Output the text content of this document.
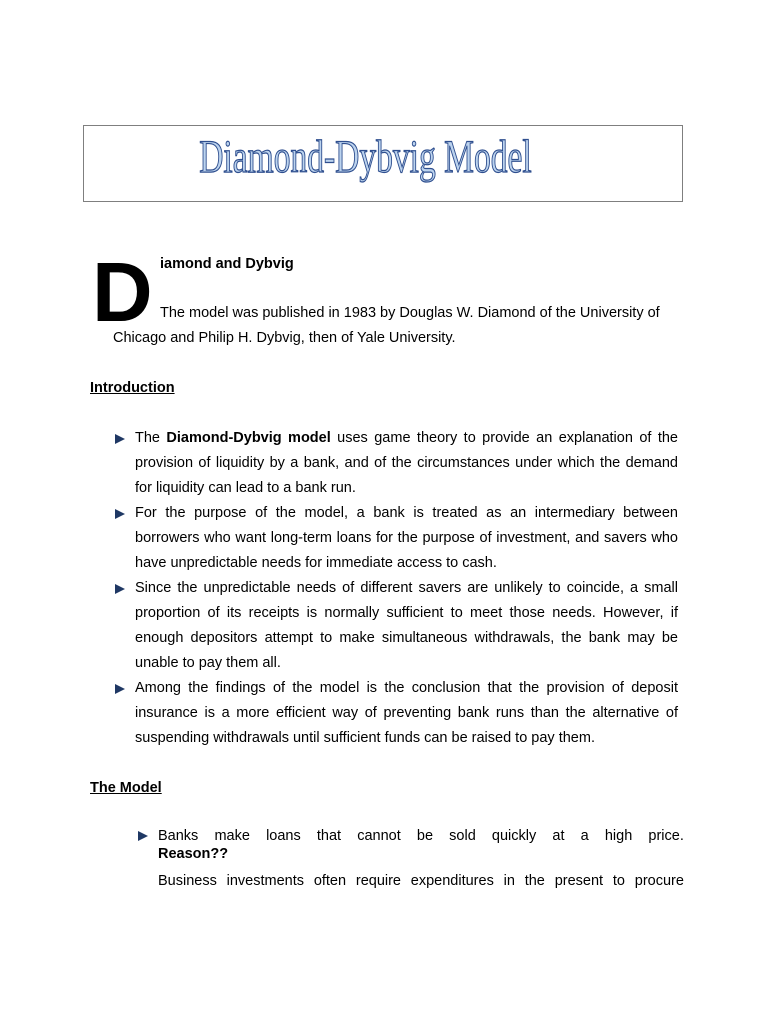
Diamond-Dybvig Model
D iamond and Dybvig
The model was published in 1983 by Douglas W. Diamond of the University of
Chicago and Philip H. Dybvig, then of Yale University.
Introduction
The Diamond-Dybvig model uses game theory to provide an explanation of the provision of liquidity by a bank, and of the circumstances under which the demand for liquidity can lead to a bank run.
For the purpose of the model, a bank is treated as an intermediary between borrowers who want long-term loans for the purpose of investment, and savers who have unpredictable needs for immediate access to cash.
Since the unpredictable needs of different savers are unlikely to coincide, a small proportion of its receipts is normally sufficient to meet those needs. However, if enough depositors attempt to make simultaneous withdrawals, the bank may be unable to pay them all.
Among the findings of the model is the conclusion that the provision of deposit insurance is a more efficient way of preventing bank runs than the alternative of suspending withdrawals until sufficient funds can be raised to pay them.
The Model
Banks make loans that cannot be sold quickly at a high price.
Reason??
Business investments often require expenditures in the present to procure
